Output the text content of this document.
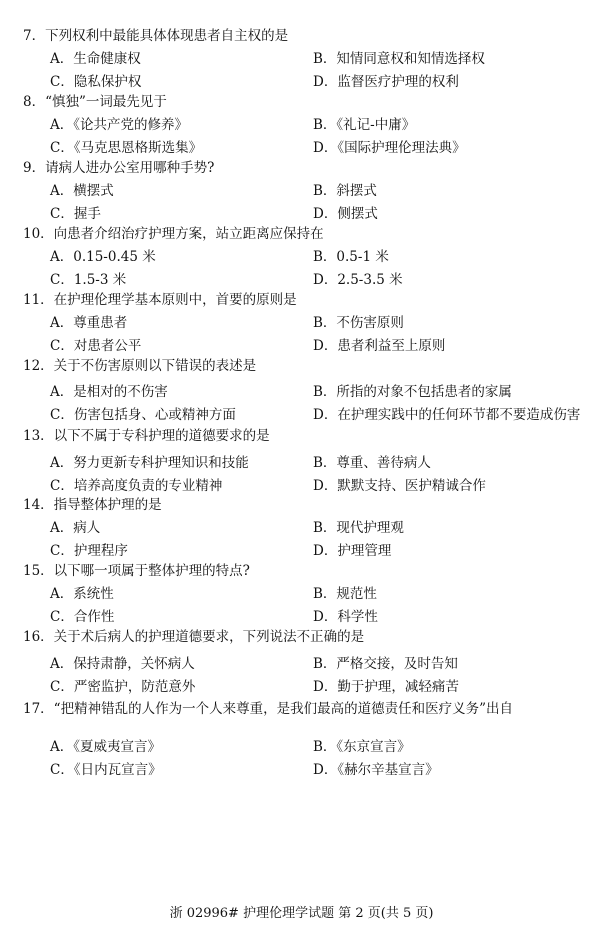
7．下列权利中最能具体体现患者自主权的是
A．生命健康权	B．知情同意权和知情选择权
C．隐私保护权	D．监督医疗护理的权利
8．“慎独”一词最先见于
A．《论共产党的修养》	B．《礼记-中庸》
C．《马克思恩格斯选集》	D．《国际护理伦理法典》
9．请病人进办公室用哪种手势?
A．横摆式	B．斜摆式
C．握手	D．侧摆式
10．向患者介绍治疗护理方案，站立距离应保持在
A．0.15-0.45 米	B．0.5-1 米
C．1.5-3 米	D．2.5-3.5 米
11．在护理伦理学基本原则中，首要的原则是
A．尊重患者	B．不伤害原则
C．对患者公平	D．患者利益至上原则
12．关于不伤害原则以下错误的表述是
A．是相对的不伤害	B．所指的对象不包括患者的家属
C．伤害包括身、心或精神方面	D．在护理实践中的任何环节都不要造成伤害
13．以下不属于专科护理的道德要求的是
A．努力更新专科护理知识和技能	B．尊重、善待病人
C．培养高度负责的专业精神	D．默默支持、医护精诚合作
14．指导整体护理的是
A．病人	B．现代护理观
C．护理程序	D．护理管理
15．以下哪一项属于整体护理的特点?
A．系统性	B．规范性
C．合作性	D．科学性
16．关于术后病人的护理道德要求，下列说法不正确的是
A．保持肃静，关怀病人	B．严格交接，及时告知
C．严密监护，防范意外	D．勤于护理，减轻痛苦
17．“把精神错乱的人作为一个人来尊重，是我们最高的道德责任和医疗义务”出自
A．《夏威夷宣言》	B．《东京宣言》
C．《日内瓦宣言》	D．《赫尔辛基宣言》
浙 02996# 护理伦理学试题 第 2 页(共 5 页)
